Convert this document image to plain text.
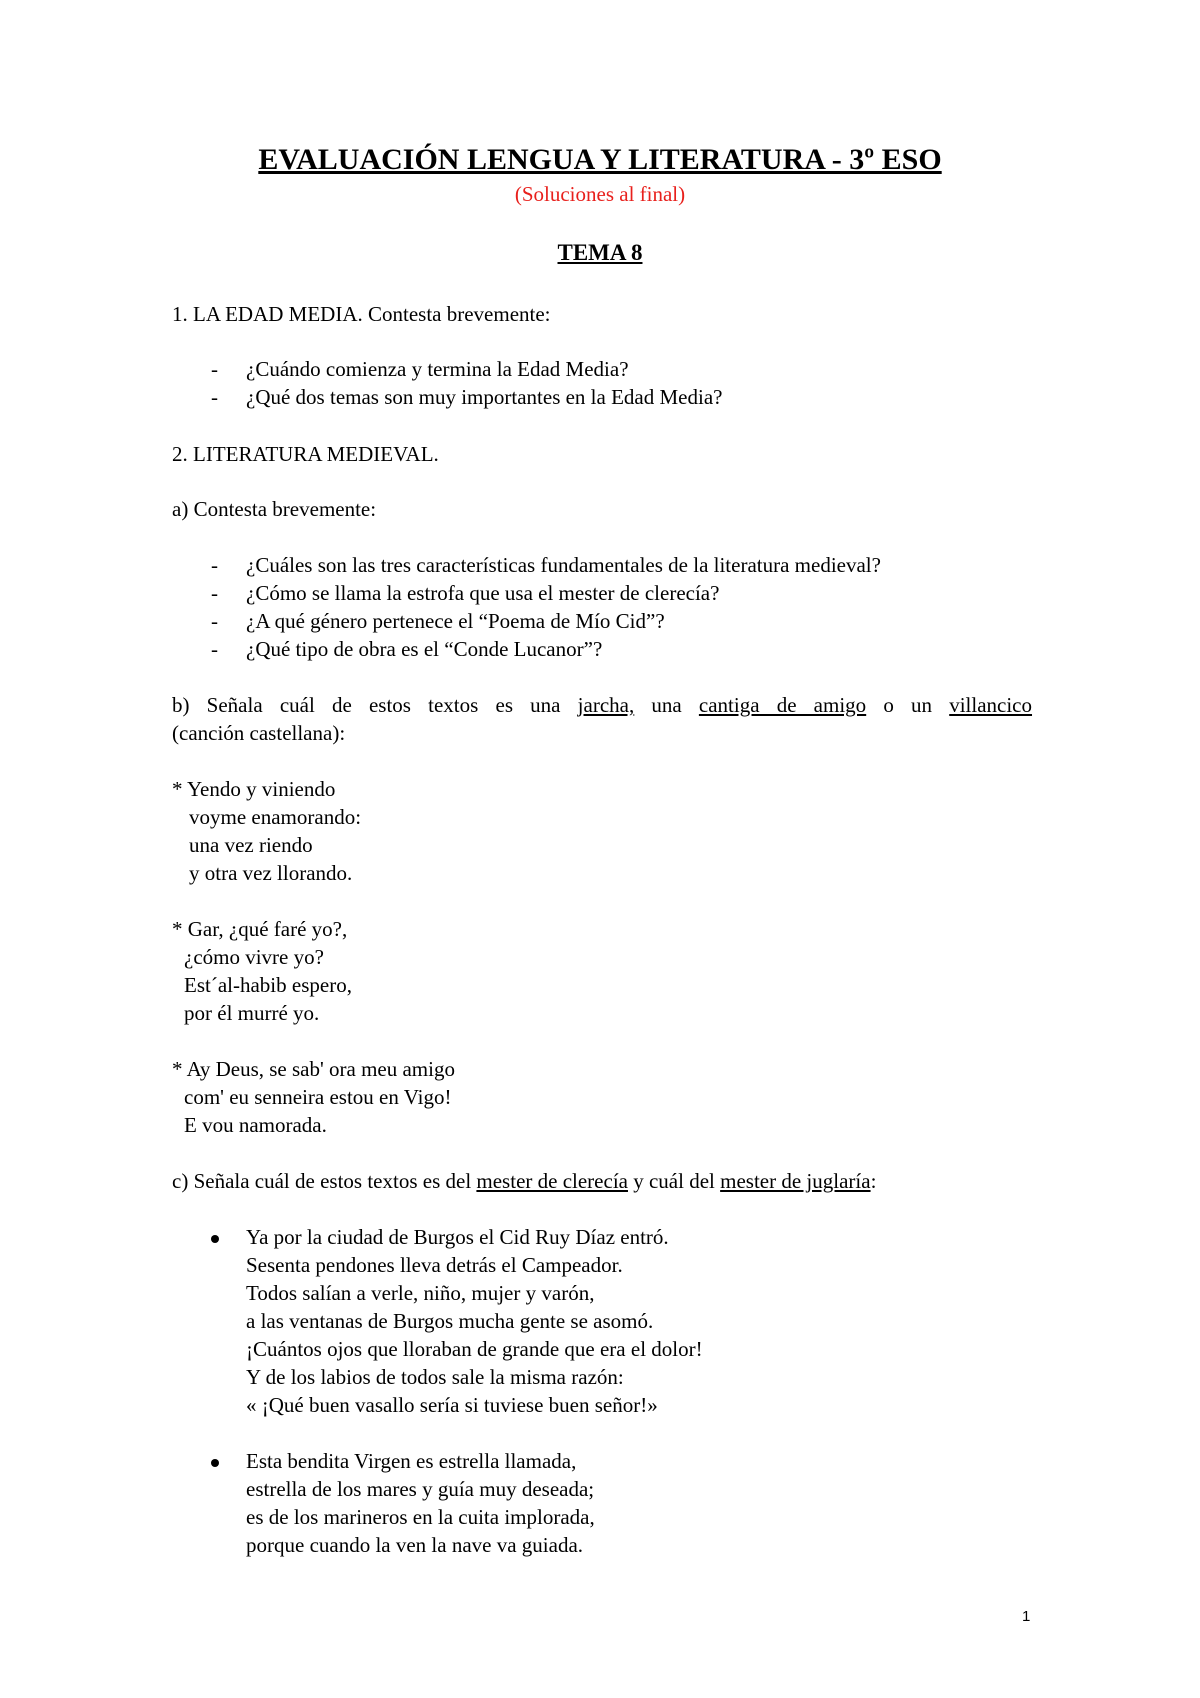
EVALUACIÓN LENGUA Y LITERATURA - 3º ESO
(Soluciones al final)
TEMA 8
1. LA EDAD MEDIA. Contesta brevemente:
- ¿Cuándo comienza y termina la Edad Media?
- ¿Qué dos temas son muy importantes en la Edad Media?
2. LITERATURA MEDIEVAL.
a) Contesta brevemente:
- ¿Cuáles son las tres características fundamentales de la literatura medieval?
- ¿Cómo se llama la estrofa que usa el mester de clerecía?
- ¿A qué género pertenece el “Poema de Mío Cid”?
- ¿Qué tipo de obra es el “Conde Lucanor”?
b) Señala cuál de estos textos es una jarcha, una cantiga de amigo o un villancico
(canción castellana):
* Yendo y viniendo
voyme enamorando:
una vez riendo
y otra vez llorando.
* Gar, ¿qué faré yo?,
¿cómo vivre yo?
Est´al-habib espero,
por él murré yo.
* Ay Deus, se sab' ora meu amigo
com' eu senneira estou en Vigo!
E vou namorada.
c) Señala cuál de estos textos es del mester de clerecía y cuál del mester de juglaría:
Ya por la ciudad de Burgos el Cid Ruy Díaz entró.
Sesenta pendones lleva detrás el Campeador.
Todos salían a verle, niño, mujer y varón,
a las ventanas de Burgos mucha gente se asomó.
¡Cuántos ojos que lloraban de grande que era el dolor!
Y de los labios de todos sale la misma razón:
« ¡Qué buen vasallo sería si tuviese buen señor!»
Esta bendita Virgen es estrella llamada,
estrella de los mares y guía muy deseada;
es de los marineros en la cuita implorada,
porque cuando la ven la nave va guiada.
1
